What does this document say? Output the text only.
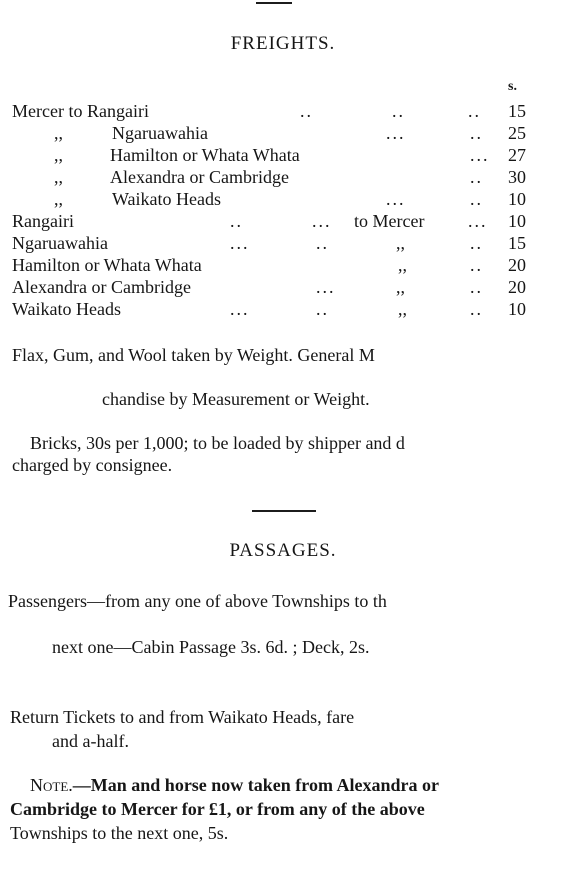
FREIGHTS.
s.
Mercer to Rangairi	..	..	.. 15
,,	Ngaruawahia	...	.. 25
,,	Hamilton or Whata Whata	... 27
,,	Alexandra or Cambridge	.. 30
,,	Waikato Heads	...	.. 10
Rangairi	..	... to Mercer ... 10
Ngaruawahia	...	..	,,	.. 15
Hamilton or Whata Whata	,,	.. 20
Alexandra or Cambridge	...	,,	.. 20
Waikato Heads	...	..	,,	.. 10
Flax, Gum, and Wool taken by Weight. General M
chandise by Measurement or Weight.
Bricks, 30s per 1,000; to be loaded by shipper and d
charged by consignee.
PASSAGES.
Passengers—from any one of above Townships to th
next one—Cabin Passage 3s. 6d. ; Deck, 2s.
Return Tickets to and from Waikato Heads, fare
and a-half.
Note.—Man and horse now taken from Alexandra or
Cambridge to Mercer for £1, or from any of the above
Townships to the next one, 5s.
